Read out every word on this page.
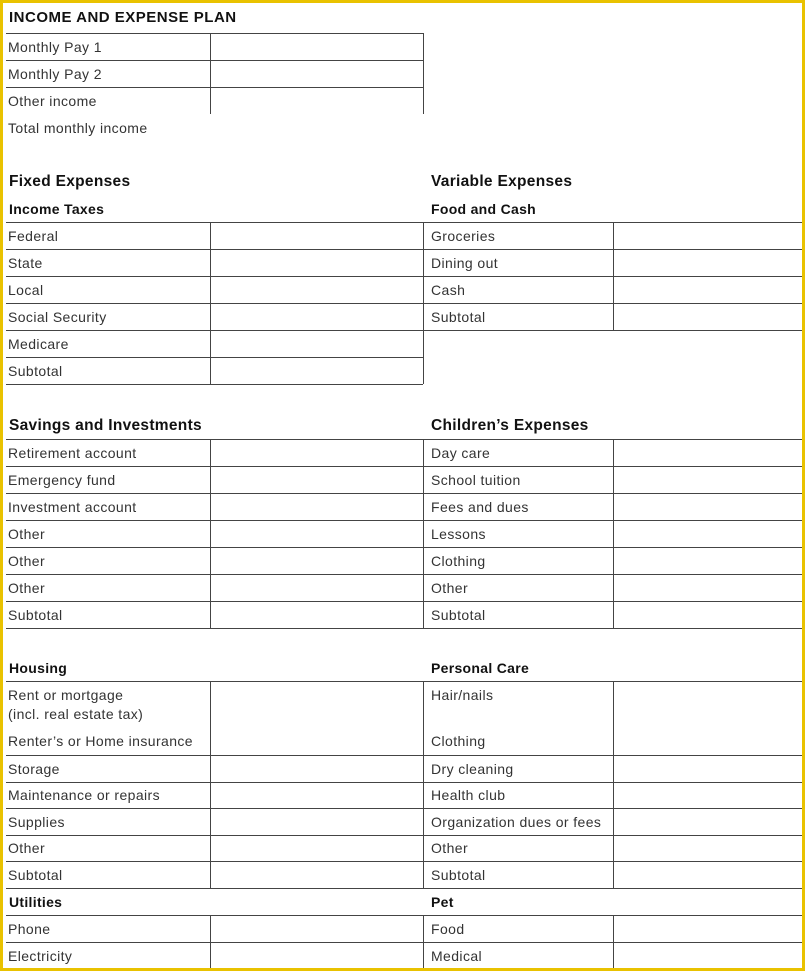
INCOME AND EXPENSE PLAN
Monthly Pay 1
Monthly Pay 2
Other income
Total monthly income
Fixed Expenses
Income Taxes
Federal
State
Local
Social Security
Medicare
Subtotal
Variable Expenses
Food and Cash
Groceries
Dining out
Cash
Subtotal
Savings and Investments
Retirement account
Emergency fund
Investment account
Other
Other
Other
Subtotal
Children’s Expenses
Day care
School tuition
Fees and dues
Lessons
Clothing
Other
Subtotal
Housing
Rent or mortgage
(incl. real estate tax)
Renter’s or Home insurance
Storage
Maintenance or repairs
Supplies
Other
Subtotal
Personal Care
Hair/nails
Clothing
Dry cleaning
Health club
Organization dues or fees
Other
Subtotal
Utilities
Phone
Electricity
Pet
Food
Medical
